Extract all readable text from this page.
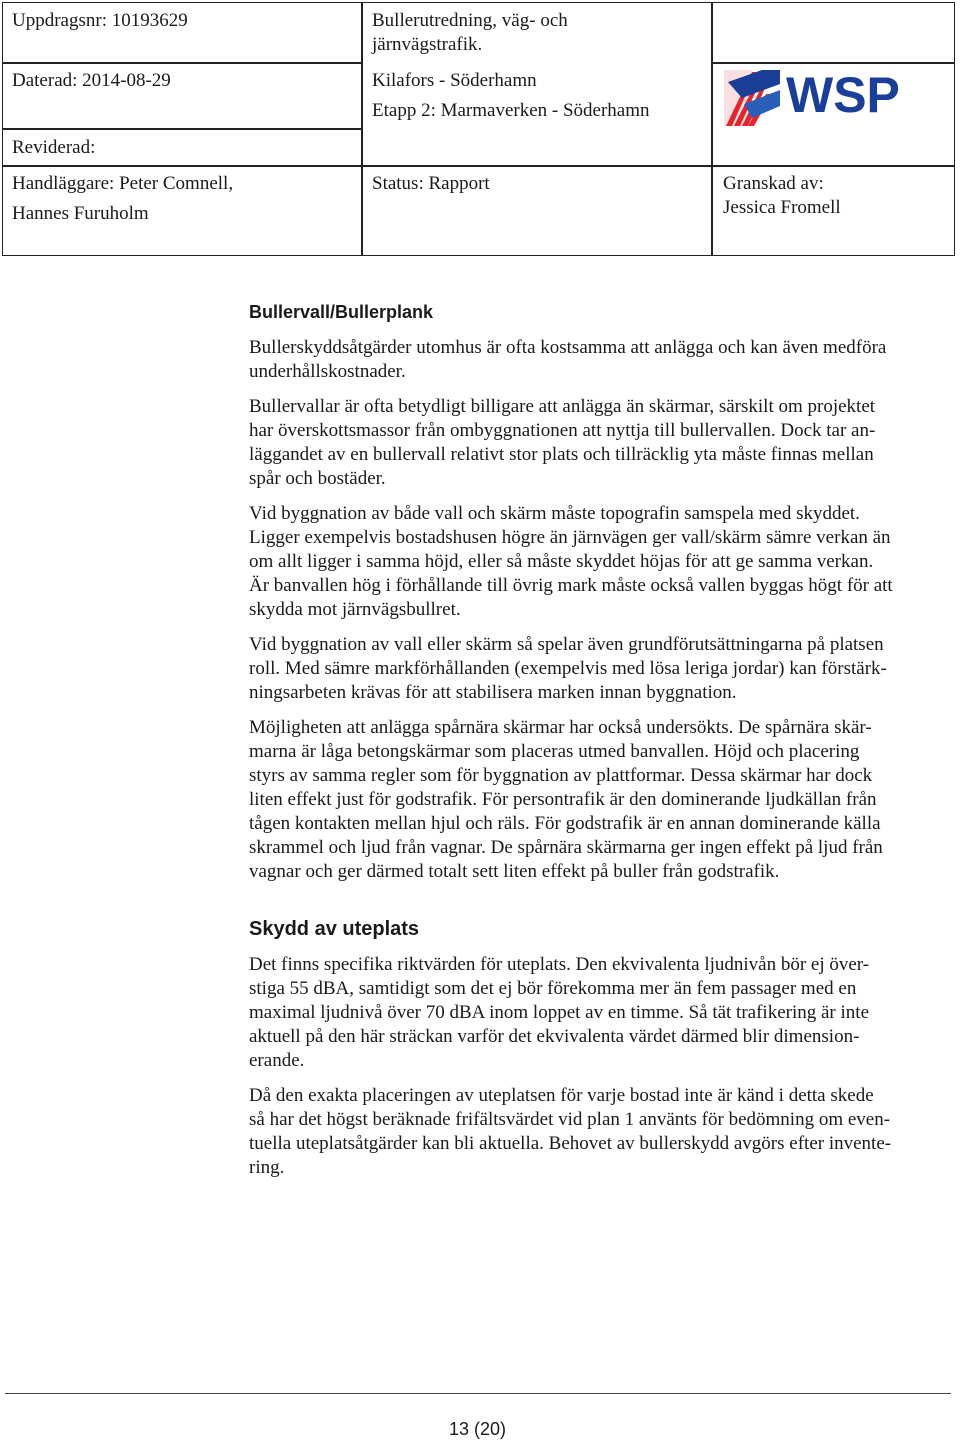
Uppdragsnr: 10193629
Daterad: 2014-08-29
Reviderad:
Handläggare: Peter Comnell,
Hannes Furuholm
Bullerutredning, väg- och
järnvägstrafik.
Kilafors - Söderhamn
Etapp 2: Marmaverken - Söderhamn
Status: Rapport	Granskad av:
Jessica Fromell
WSP
Bullervall/Bullerplank

Bullerskyddsåtgärder utomhus är ofta kostsamma att anlägga och kan även medföra

underhållskostnader.

Bullervallar är ofta betydligt billigare att anlägga än skärmar, särskilt om projektet

har överskottsmassor från ombyggnationen att nyttja till bullervallen. Dock tar an-

läggandet av en bullervall relativt stor plats och tillräcklig yta måste finnas mellan

spår och bostäder.

Vid byggnation av både vall och skärm måste topografin samspela med skyddet.

Ligger exempelvis bostadshusen högre än järnvägen ger vall/skärm sämre verkan än

om allt ligger i samma höjd, eller så måste skyddet höjas för att ge samma verkan.

Är banvallen hög i förhållande till övrig mark måste också vallen byggas högt för att

skydda mot järnvägsbullret.

Vid byggnation av vall eller skärm så spelar även grundförutsättningarna på platsen

roll. Med sämre markförhållanden (exempelvis med lösa leriga jordar) kan förstärk-

ningsarbeten krävas för att stabilisera marken innan byggnation.

Möjligheten att anlägga spårnära skärmar har också undersökts. De spårnära skär-

marna är låga betongskärmar som placeras utmed banvallen. Höjd och placering

styrs av samma regler som för byggnation av plattformar. Dessa skärmar har dock

liten effekt just för godstrafik. För persontrafik är den dominerande ljudkällan från

tågen kontakten mellan hjul och räls. För godstrafik är en annan dominerande källa

skrammel och ljud från vagnar. De spårnära skärmarna ger ingen effekt på ljud från

vagnar och ger därmed totalt sett liten effekt på buller från godstrafik.

Skydd av uteplats

Det finns specifika riktvärden för uteplats. Den ekvivalenta ljudnivån bör ej över-

stiga 55 dBA, samtidigt som det ej bör förekomma mer än fem passager med en

maximal ljudnivå över 70 dBA inom loppet av en timme. Så tät trafikering är inte

aktuell på den här sträckan varför det ekvivalenta värdet därmed blir dimension-

erande.

Då den exakta placeringen av uteplatsen för varje bostad inte är känd i detta skede

så har det högst beräknade frifältsvärdet vid plan 1 använts för bedömning om even-

tuella uteplatsåtgärder kan bli aktuella. Behovet av bullerskydd avgörs efter invente-

ring.

13 (20)
